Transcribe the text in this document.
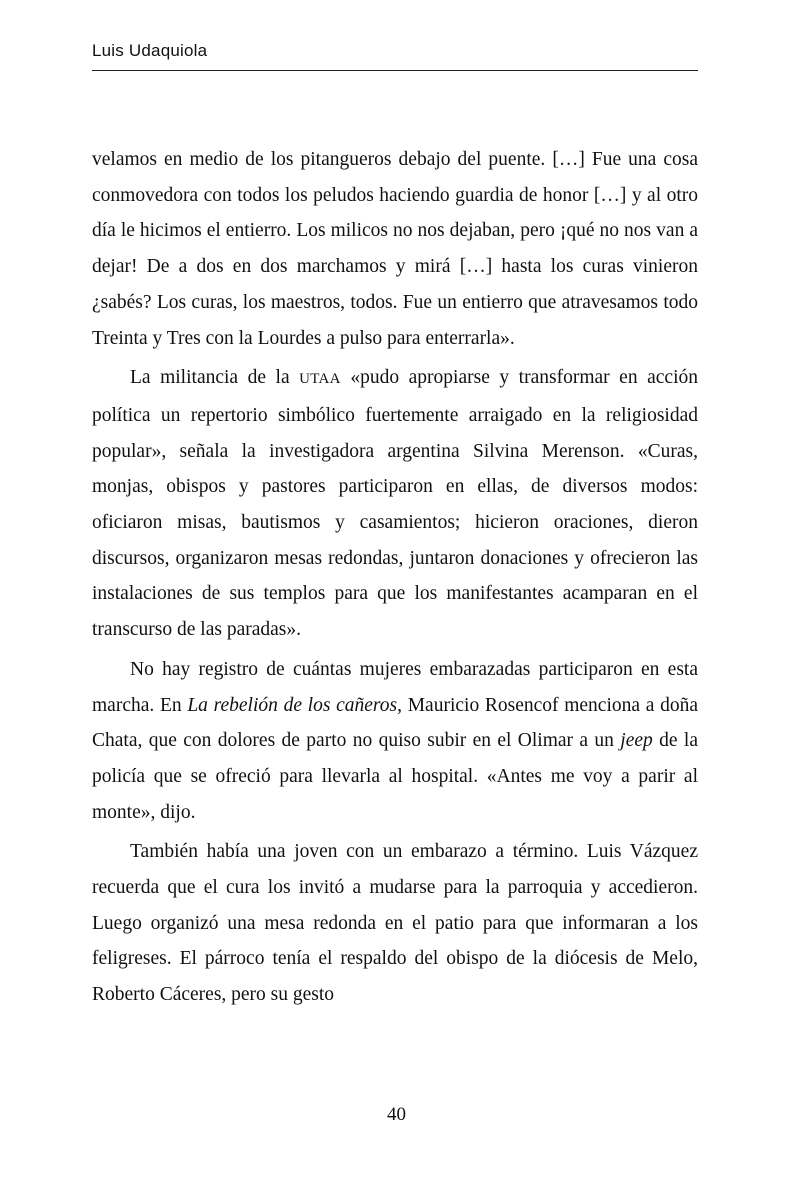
Luis Udaquiola

velamos en medio de los pitangueros debajo del puente. […] Fue una cosa conmovedora con todos los peludos haciendo guardia de honor […] y al otro día le hicimos el entierro. Los milicos no nos dejaban, pero ¡qué no nos van a dejar! De a dos en dos marchamos y mirá […] hasta los curas vinieron ¿sabés? Los curas, los maestros, todos. Fue un entierro que atravesamos todo Treinta y Tres con la Lourdes a pulso para enterrarla».

La militancia de la UTAA «pudo apropiarse y transformar en acción política un repertorio simbólico fuertemente arraigado en la religiosidad popular», señala la investigadora argentina Silvina Merenson. «Curas, monjas, obispos y pastores participaron en ellas, de diversos modos: oficiaron misas, bautismos y casamientos; hicieron oraciones, dieron discursos, organizaron mesas redondas, juntaron donaciones y ofrecieron las instalaciones de sus templos para que los manifestantes acamparan en el transcurso de las paradas».

No hay registro de cuántas mujeres embarazadas participaron en esta marcha. En La rebelión de los cañeros, Mauricio Rosencof menciona a doña Chata, que con dolores de parto no quiso subir en el Olimar a un jeep de la policía que se ofreció para llevarla al hospital. «Antes me voy a parir al monte», dijo.

También había una joven con un embarazo a término. Luis Vázquez recuerda que el cura los invitó a mudarse para la parroquia y accedieron. Luego organizó una mesa redonda en el patio para que informaran a los feligreses. El párroco tenía el respaldo del obispo de la diócesis de Melo, Roberto Cáceres, pero su gesto

40
